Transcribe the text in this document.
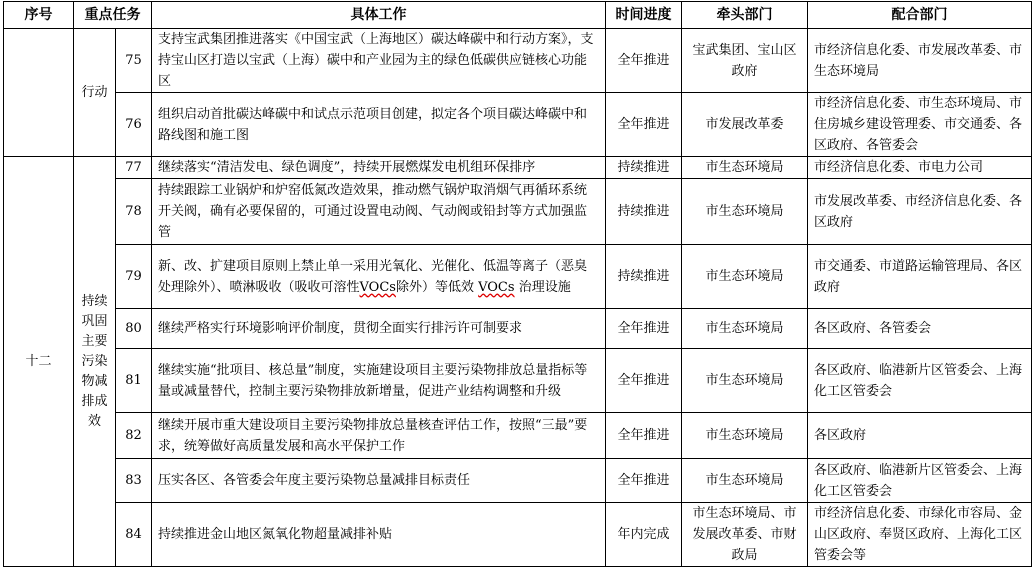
序号	重点任务		具体工作	时间进度	牵头部门	配合部门
	行动	75	支持宝武集团推进落实《中国宝武（上海地区）碳达峰碳中和行动方案》，支持宝山区打造以宝武（上海）碳中和产业园为主的绿色低碳供应链核心功能区	全年推进	宝武集团、宝山区政府	市经济信息化委、市发展改革委、市生态环境局
		76	组织启动首批碳达峰碳中和试点示范项目创建，拟定各个项目碳达峰碳中和路线图和施工图	全年推进	市发展改革委	市经济信息化委、市生态环境局、市住房城乡建设管理委、市交通委、各区政府、各管委会
十二	持续巩固主要污染物减排成效	77	继续落实“清洁发电、绿色调度”，持续开展燃煤发电机组环保排序	持续推进	市生态环境局	市经济信息化委、市电力公司
		78	持续跟踪工业锅炉和炉窑低氮改造效果，推动燃气锅炉取消烟气再循环系统开关阀，确有必要保留的，可通过设置电动阀、气动阀或铅封等方式加强监管	持续推进	市生态环境局	市发展改革委、市经济信息化委、各区政府
		79	新、改、扩建项目原则上禁止单一采用光氧化、光催化、低温等离子（恶臭处理除外）、喷淋吸收（吸收可溶性VOCs除外）等低效 VOCs 治理设施	持续推进	市生态环境局	市交通委、市道路运输管理局、各区政府
		80	继续严格实行环境影响评价制度，贯彻全面实行排污许可制要求	全年推进	市生态环境局	各区政府、各管委会
		81	继续实施“批项目、核总量”制度，实施建设项目主要污染物排放总量指标等量或减量替代，控制主要污染物排放新增量，促进产业结构调整和升级	全年推进	市生态环境局	各区政府、临港新片区管委会、上海化工区管委会
		82	继续开展市重大建设项目主要污染物排放总量核查评估工作，按照“三最”要求，统筹做好高质量发展和高水平保护工作	全年推进	市生态环境局	各区政府
		83	压实各区、各管委会年度主要污染物总量减排目标责任	全年推进	市生态环境局	各区政府、临港新片区管委会、上海化工区管委会
		84	持续推进金山地区氮氧化物超量减排补贴	年内完成	市生态环境局、市发展改革委、市财政局	市经济信息化委、市绿化市容局、金山区政府、奉贤区政府、上海化工区管委会等
